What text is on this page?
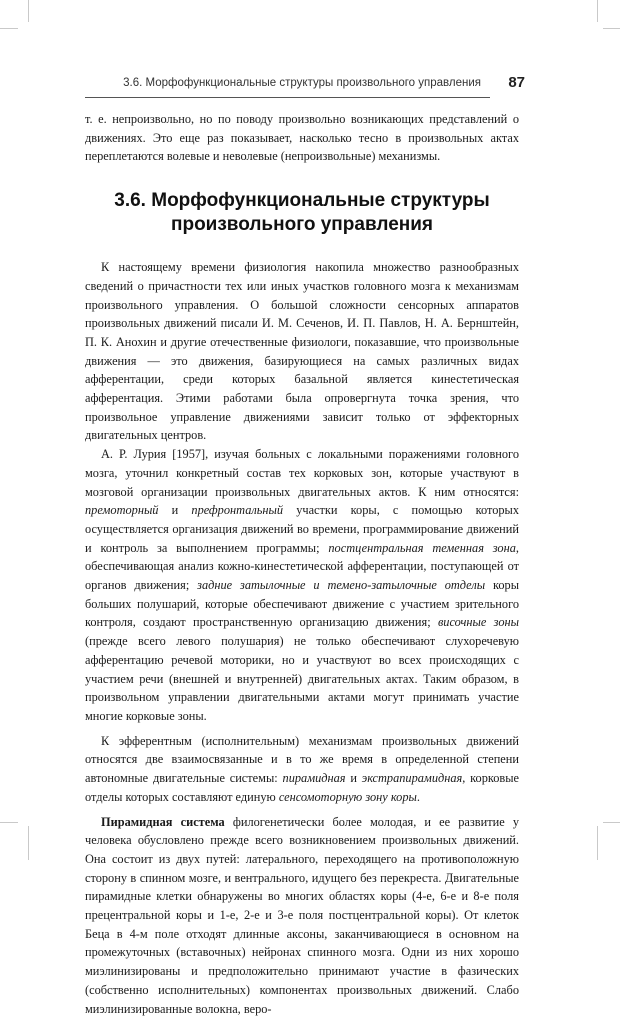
3.6. Морфофункциональные структуры произвольного управления 87

т. е. непроизвольно, но по поводу произвольно возникающих представлений о движениях. Это еще раз показывает, насколько тесно в произвольных актах переплетаются волевые и неволевые (непроизвольные) механизмы.

3.6. Морфофункциональные структуры
произвольного управления

К настоящему времени физиология накопила множество разнообразных сведений о причастности тех или иных участков головного мозга к механизмам произвольного управления. О большой сложности сенсорных аппаратов произвольных движений писали И. М. Сеченов, И. П. Павлов, Н. А. Бернштейн, П. К. Анохин и другие отечественные физиологи, показавшие, что произвольные движения — это движения, базирующиеся на самых различных видах афферентации, среди которых базальной является кинестетическая афферентация. Этими работами была опровергнута точка зрения, что произвольное управление движениями зависит только от эффекторных двигательных центров.

А. Р. Лурия [1957], изучая больных с локальными поражениями головного мозга, уточнил конкретный состав тех корковых зон, которые участвуют в мозговой организации произвольных двигательных актов. К ним относятся: премоторный и префронтальный участки коры, с помощью которых осуществляется организация движений во времени, программирование движений и контроль за выполнением программы; постцентральная теменная зона, обеспечивающая анализ кожно-кинестетической афферентации, поступающей от органов движения; задние затылочные и темено-затылочные отделы коры больших полушарий, которые обеспечивают движение с участием зрительного контроля, создают пространственную организацию движения; височные зоны (прежде всего левого полушария) не только обеспечивают слухоречевую афферентацию речевой моторики, но и участвуют во всех происходящих с участием речи (внешней и внутренней) двигательных актах. Таким образом, в произвольном управлении двигательными актами могут принимать участие многие корковые зоны.

К эфферентным (исполнительным) механизмам произвольных движений относятся две взаимосвязанные и в то же время в определенной степени автономные двигательные системы: пирамидная и экстрапирамидная, корковые отделы которых составляют единую сенсомоторную зону коры.

Пирамидная система филогенетически более молодая, и ее развитие у человека обусловлено прежде всего возникновением произвольных движений. Она состоит из двух путей: латерального, переходящего на противоположную сторону в спинном мозге, и вентрального, идущего без перекреста. Двигательные пирамидные клетки обнаружены во многих областях коры (4-е, 6-е и 8-е поля прецентральной коры и 1-е, 2-е и 3-е поля постцентральной коры). От клеток Беца в 4-м поле отходят длинные аксоны, заканчивающиеся в основном на промежуточных (вставочных) нейронах спинного мозга. Одни из них хорошо миэлинизированы и предположительно принимают участие в фазических (собственно исполнительных) компонентах произвольных движений. Слабо миэлинизированные волокна, веро-
